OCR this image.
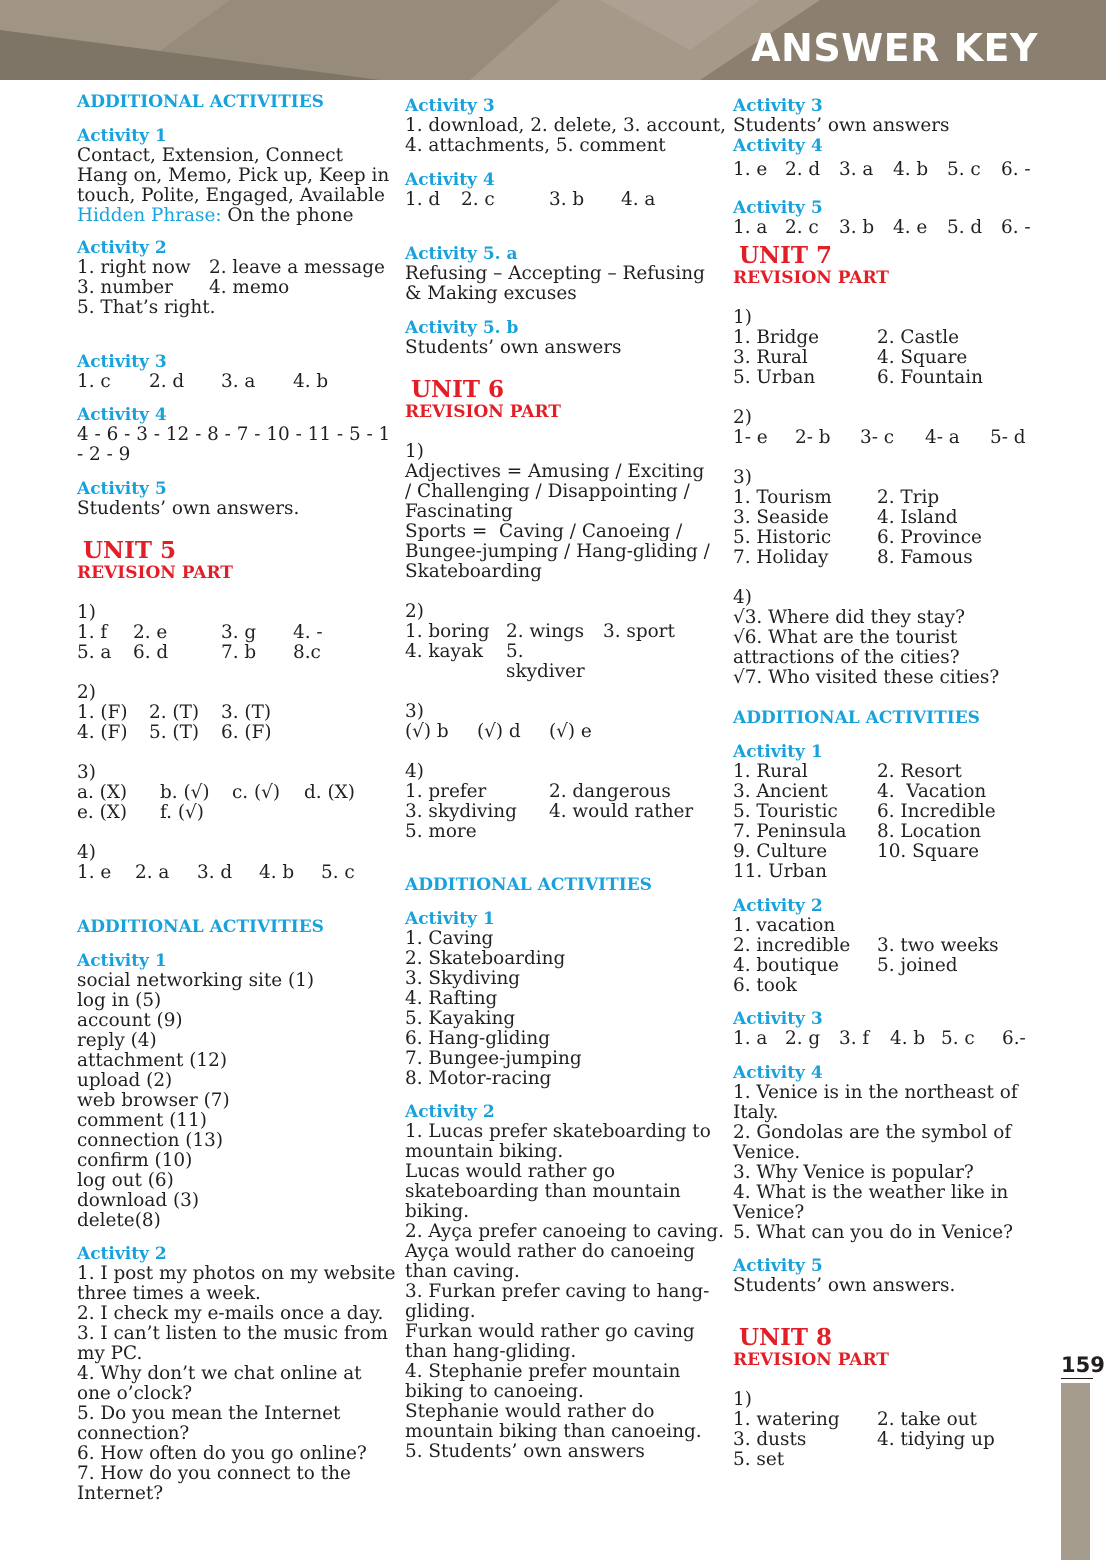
ANSWER KEY
ADDITIONAL ACTIVITIES
Activity 1
Contact, Extension, Connect
Hang on, Memo, Pick up, Keep in
touch, Polite, Engaged, Available
Hidden Phrase: On the phone
Activity 2
1. right now	2. leave a message
3. number	4. memo
5. That’s right.
Activity 3
1. c	2. d	3. a	4. b
Activity 4
4 - 6 - 3 - 12 - 8 - 7 - 10 - 11 - 5 - 1
- 2 - 9
Activity 5
Students’ own answers.
UNIT 5
REVISION PART
1)
1. f	2. e	3. g	4. -
5. a	6. d	7. b	8.c
2)
1. (F)	2. (T)	3. (T)
4. (F)	5. (T)	6. (F)
3)
a. (X)	b. (√)	c. (√)	d. (X)
e. (X)	f. (√)
4)
1. e	2. a	3. d	4. b	5. c
ADDITIONAL ACTIVITIES
Activity 1
social networking site (1)
log in (5)
account (9)
reply (4)
attachment (12)
upload (2)
web browser (7)
comment (11)
connection (13)
confirm (10)
log out (6)
download (3)
delete(8)
Activity 2
1. I post my photos on my website
three times a week.
2. I check my e-mails once a day.
3. I can’t listen to the music from
my PC.
4. Why don’t we chat online at
one o’clock?
5. Do you mean the Internet
connection?
6. How often do you go online?
7. How do you connect to the
Internet?
Activity 3
1. download, 2. delete, 3. account,
4. attachments, 5. comment
Activity 4
1. d	2. c	3. b	4. a
Activity 5. a
Refusing – Accepting – Refusing
& Making excuses
Activity 5. b
Students’ own answers
UNIT 6
REVISION PART
1)
Adjectives = Amusing / Exciting
/ Challenging / Disappointing /
Fascinating
Sports =  Caving / Canoeing /
Bungee-jumping / Hang-gliding /
Skateboarding
2)
1. boring 2. wings	3. sport
4. kayak	5. skydiver
3)
(√) b	(√) d	(√) e
4)
1. prefer	2. dangerous
3. skydiving	4. would rather
5. more
ADDITIONAL ACTIVITIES
Activity 1
1. Caving
2. Skateboarding
3. Skydiving
4. Rafting
5. Kayaking
6. Hang-gliding
7. Bungee-jumping
8. Motor-racing
Activity 2
1. Lucas prefer skateboarding to
mountain biking.
Lucas would rather go
skateboarding than mountain
biking.
2. Ayça prefer canoeing to caving.
Ayça would rather do canoeing
than caving.
3. Furkan prefer caving to hang-
gliding.
Furkan would rather go caving
than hang-gliding.
4. Stephanie prefer mountain
biking to canoeing.
Stephanie would rather do
mountain biking than canoeing.
5. Students’ own answers
Activity 3
Students’ own answers
Activity 4
1. e 2. d	3. a	4. b	5. c	6. -
Activity 5
1. a 2. c	3. b	4. e	5. d	6. -
UNIT 7
REVISION PART
1)
1. Bridge	2. Castle
3. Rural	4. Square
5. Urban	6. Fountain
2)
1- e	2- b	3- c	4- a	5- d
3)
1. Tourism	2. Trip
3. Seaside	4. Island
5. Historic	6. Province
7. Holiday	8. Famous
4)
√3. Where did they stay?
√6. What are the tourist
attractions of the cities?
√7. Who visited these cities?
ADDITIONAL ACTIVITIES
Activity 1
1. Rural	2. Resort
3. Ancient	4.  Vacation
5. Touristic	6. Incredible
7. Peninsula	8. Location
9. Culture	10. Square
11. Urban
Activity 2
1. vacation
2. incredible	3. two weeks
4. boutique	5. joined
6. took
Activity 3
1. a 2. g	3. f	4. b 5. c	6.-
Activity 4
1. Venice is in the northeast of
Italy.
2. Gondolas are the symbol of
Venice.
3. Why Venice is popular?
4. What is the weather like in
Venice?
5. What can you do in Venice?
Activity 5
Students’ own answers.
UNIT 8
REVISION PART
1)
1. watering	2. take out
3. dusts	4. tidying up
5. set
159
